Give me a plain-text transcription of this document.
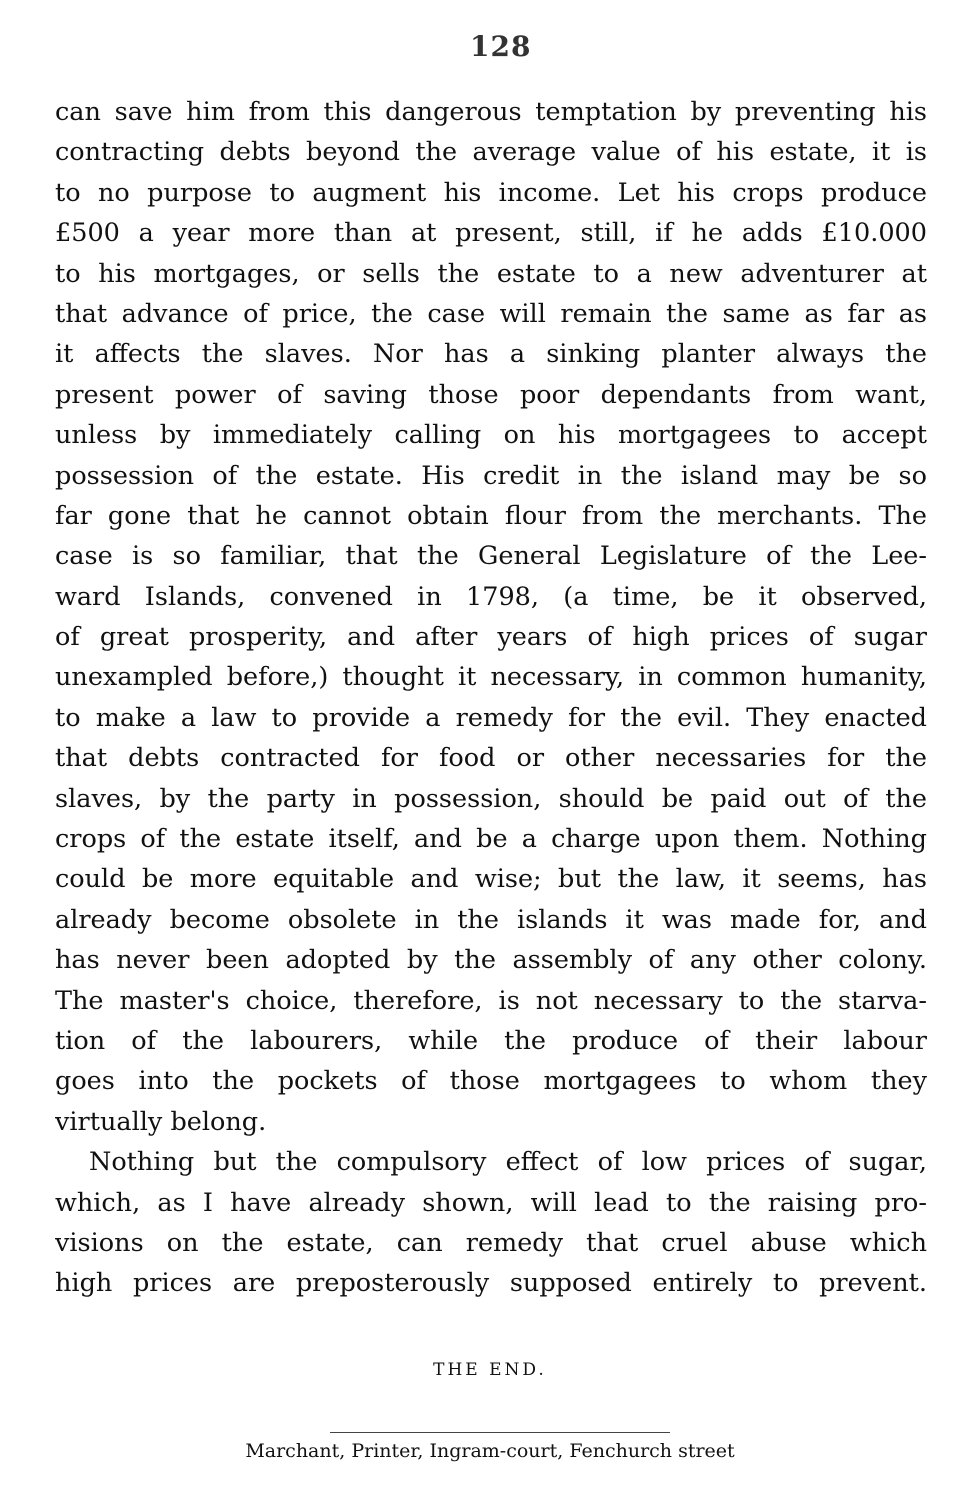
128
can save him from this dangerous temptation by preventing his
contracting debts beyond the average value of his estate, it is
to no purpose to augment his income. Let his crops produce
£500 a year more than at present, still, if he adds £10.000
to his mortgages, or sells the estate to a new adventurer at
that advance of price, the case will remain the same as far as
it affects the slaves. Nor has a sinking planter always the
present power of saving those poor dependants from want,
unless by immediately calling on his mortgagees to accept
possession of the estate. His credit in the island may be so
far gone that he cannot obtain flour from the merchants. The
case is so familiar, that the General Legislature of the Lee-
ward Islands, convened in 1798, (a time, be it observed,
of great prosperity, and after years of high prices of sugar
unexampled before,) thought it necessary, in common humanity,
to make a law to provide a remedy for the evil. They enacted
that debts contracted for food or other necessaries for the
slaves, by the party in possession, should be paid out of the
crops of the estate itself, and be a charge upon them. Nothing
could be more equitable and wise; but the law, it seems, has
already become obsolete in the islands it was made for, and
has never been adopted by the assembly of any other colony.
The master's choice, therefore, is not necessary to the starva-
tion of the labourers, while the produce of their labour
goes into the pockets of those mortgagees to whom they
virtually belong.
Nothing but the compulsory effect of low prices of sugar,
which, as I have already shown, will lead to the raising pro-
visions on the estate, can remedy that cruel abuse which
high prices are preposterously supposed entirely to prevent.
THE END.
Marchant, Printer, Ingram-court, Fenchurch street
